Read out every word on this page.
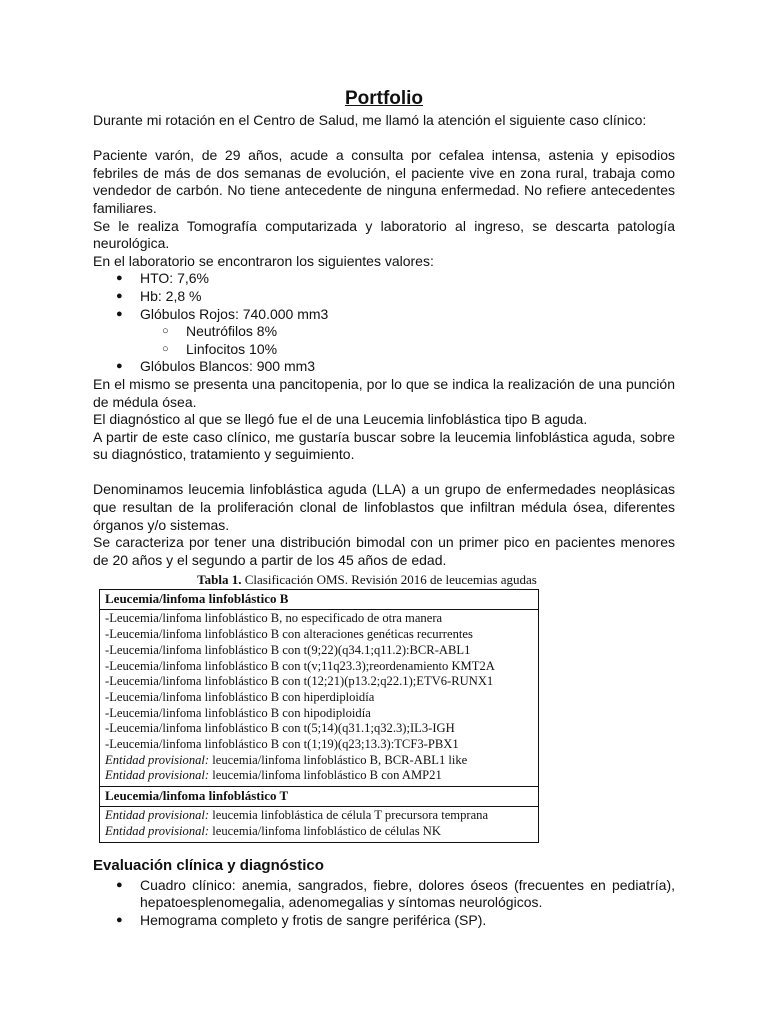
Portfolio

Durante mi rotación en el Centro de Salud, me llamó la atención el siguiente caso clínico:

Paciente varón, de 29 años, acude a consulta por cefalea intensa, astenia y episodios febriles de más de dos semanas de evolución, el paciente vive en zona rural, trabaja como vendedor de carbón. No tiene antecedente de ninguna enfermedad. No refiere antecedentes familiares.

Se le realiza Tomografía computarizada y laboratorio al ingreso, se descarta patología neurológica.

En el laboratorio se encontraron los siguientes valores:

● HTO: 7,6%
● Hb: 2,8 %
● Glóbulos Rojos: 740.000 mm3
○ Neutrófilos 8%
○ Linfocitos 10%
● Glóbulos Blancos: 900 mm3

En el mismo se presenta una pancitopenia, por lo que se indica la realización de una punción de médula ósea.

El diagnóstico al que se llegó fue el de una Leucemia linfoblástica tipo B aguda.

A partir de este caso clínico, me gustaría buscar sobre la leucemia linfoblástica aguda, sobre su diagnóstico, tratamiento y seguimiento.

Denominamos leucemia linfoblástica aguda (LLA) a un grupo de enfermedades neoplásicas que resultan de la proliferación clonal de linfoblastos que infiltran médula ósea, diferentes órganos y/o sistemas.

Se caracteriza por tener una distribución bimodal con un primer pico en pacientes menores de 20 años y el segundo a partir de los 45 años de edad.

Tabla 1. Clasificación OMS. Revisión 2016 de leucemias agudas
Leucemia/linfoma linfoblástico B

-Leucemia/linfoma linfoblástico B, no especificado de otra manera
-Leucemia/linfoma linfoblástico B con alteraciones genéticas recurrentes
-Leucemia/linfoma linfoblástico B con t(9;22)(q34.1;q11.2):BCR-ABL1
-Leucemia/linfoma linfoblástico B con t(v;11q23.3);reordenamiento KMT2A
-Leucemia/linfoma linfoblástico B con t(12;21)(p13.2;q22.1);ETV6-RUNX1
-Leucemia/linfoma linfoblástico B con hiperdiploidía
-Leucemia/linfoma linfoblástico B con hipodiploidía
-Leucemia/linfoma linfoblástico B con t(5;14)(q31.1;q32.3);IL3-IGH
-Leucemia/linfoma linfoblástico B con t(1;19)(q23;13.3):TCF3-PBX1
Entidad provisional: leucemia/linfoma linfoblástico B, BCR-ABL1 like
Entidad provisional: leucemia/linfoma linfoblástico B con AMP21

Leucemia/linfoma linfoblástico T

Entidad provisional: leucemia linfoblástica de célula T precursora temprana
Entidad provisional: leucemia/linfoma linfoblástico de células NK
Evaluación clínica y diagnóstico
● Cuadro clínico: anemia, sangrados, fiebre, dolores óseos (frecuentes en pediatría), hepatoesplenomegalia, adenomegalias y síntomas neurológicos.
● Hemograma completo y frotis de sangre periférica (SP).
